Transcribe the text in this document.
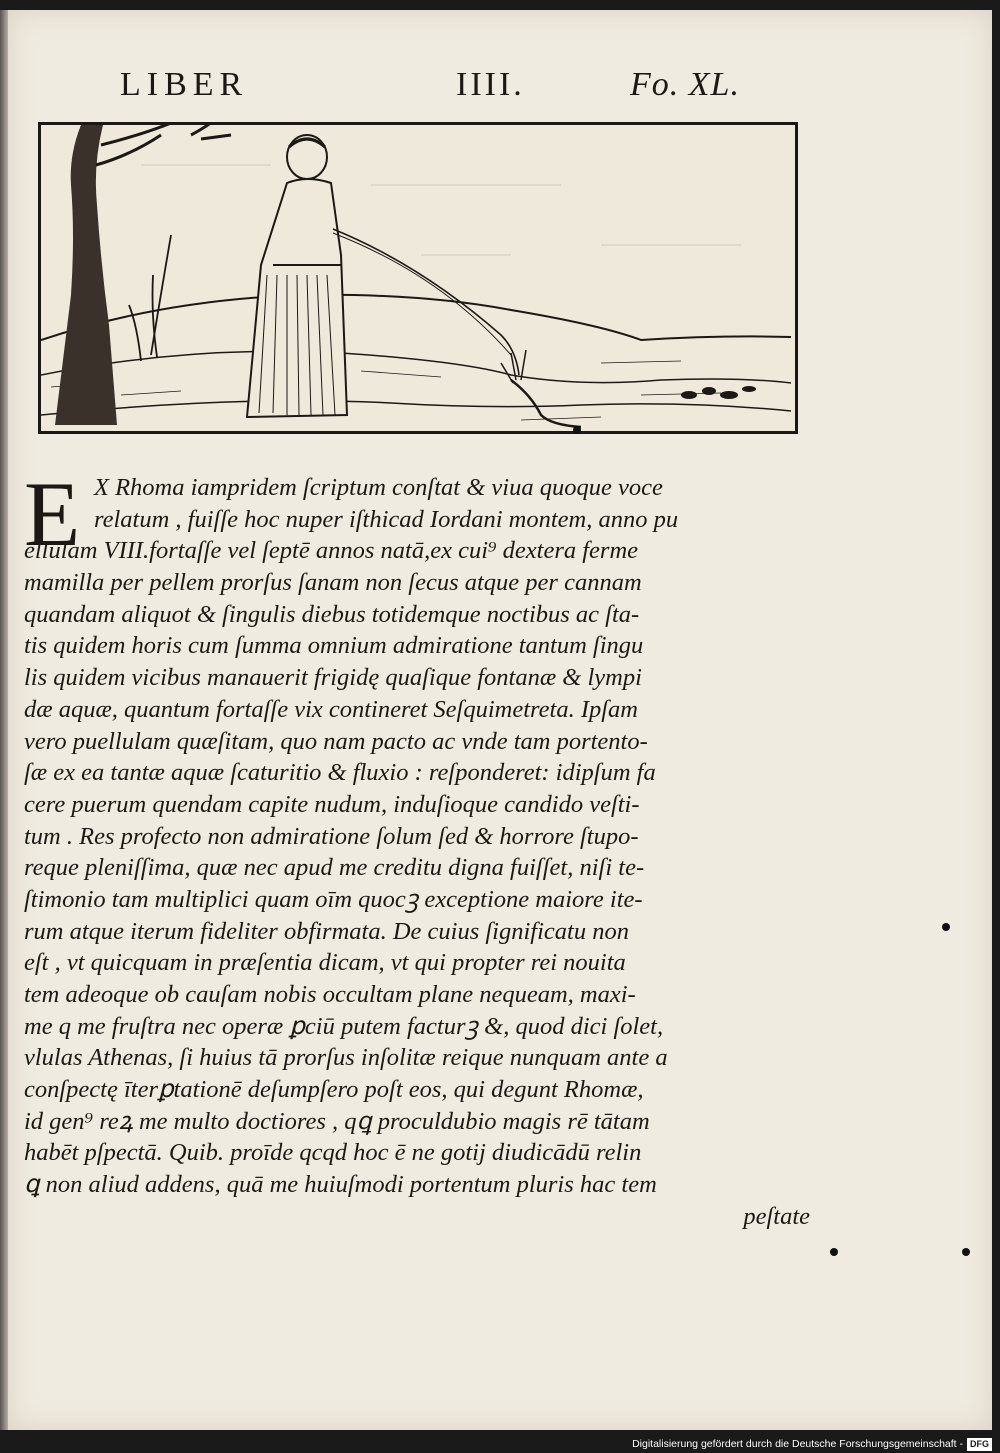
LIBER	IIII.	Fo. XL.
E X Rhoma iampridem ſcriptum conſtat & viua quoque voce
relatum , fuiſſe hoc nuper iſthicad Iordani montem, anno pu
ellulam VIII.fortaſſe vel ſeptē annos natā,ex cui⁹ dextera ferme
mamilla per pellem prorſus ſanam non ſecus atque per cannam
quandam aliquot & ſingulis diebus totidemque noctibus ac ſta-
tis quidem horis cum ſumma omnium admiratione tantum ſingu
lis quidem vicibus manauerit frigidę quaſique fontanæ & lympi
dæ aquæ, quantum fortaſſe vix contineret Seſquimetreta. Ipſam
vero puellulam quæſitam, quo nam pacto ac vnde tam portento-
ſæ ex ea tantæ aquæ ſcaturitio & fluxio : reſponderet: idipſum fa
cere puerum quendam capite nudum, induſioque candido veſti-
tum . Res profecto non admiratione ſolum ſed & horrore ſtupo-
reque pleniſſima, quæ nec apud me creditu digna fuiſſet, niſi te-
ſtimonio tam multiplici quam oīm quocꝫ exceptione maiore ite-
rum atque iterum fideliter obfirmata. De cuius ſignificatu non
eſt , vt quicquam in præſentia dicam, vt qui propter rei nouita
tem adeoque ob cauſam nobis occultam plane nequeam, maxi-
me q me fruſtra nec operæ ꝑciū putem facturꝫ &, quod dici ſolet,
vlulas Athenas, ſi huius tā prorſus inſolitæ reique nunquam ante a
conſpectę īterꝑtationē deſumpſero poſt eos, qui degunt Rhomæ,
id gen⁹ reꝝ me multo doctiores , qꝗ proculdubio magis rē tātam
habēt pſpectā. Quib. proīde qcqd hoc ē ne gotij diudicādū relin
ꝗ non aliud addens, quā me huiuſmodi portentum pluris hac tem
peſtate
Digitalisierung gefördert durch die Deutsche Forschungsgemeinschaft - DFG
